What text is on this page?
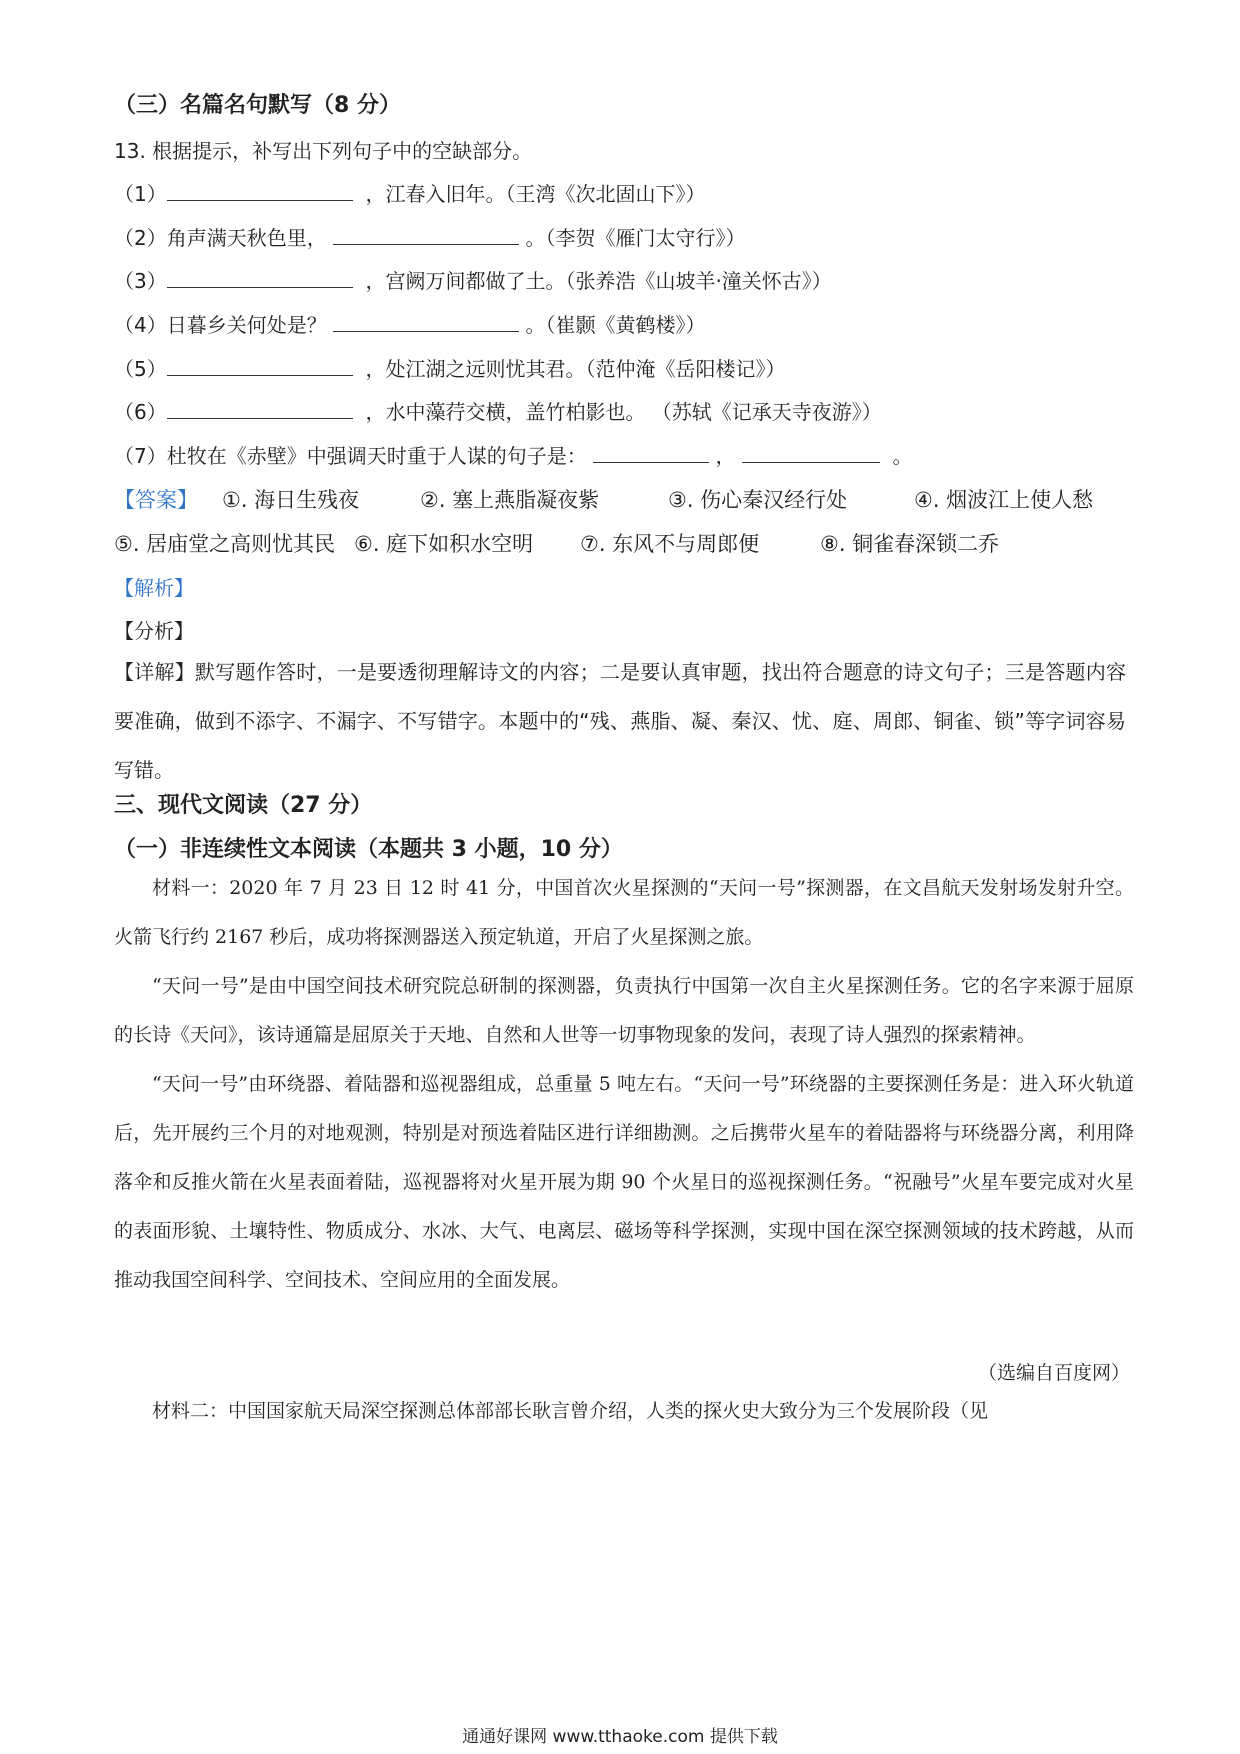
（三）名篇名句默写（8 分）
13. 根据提示，补写出下列句子中的空缺部分。
（1）	，江春入旧年。（王湾《次北固山下》）
（2）角声满天秋色里，	。（李贺《雁门太守行》）
（3）	，宫阙万间都做了土。（张养浩《山坡羊·潼关怀古》）
（4）日暮乡关何处是？	。（崔颢《黄鹤楼》）
（5）	，处江湖之远则忧其君。（范仲淹《岳阳楼记》）
（6）	，水中藻荇交横，盖竹柏影也。 （苏轼《记承天寺夜游》）
（7）杜牧在《赤壁》中强调天时重于人谋的句子是：	，	。
【答案】 ①. 海日生残夜	②. 塞上燕脂凝夜紫	③. 伤心秦汉经行处	④. 烟波江上使人愁
⑤. 居庙堂之高则忧其民 ⑥. 庭下如积水空明 ⑦. 东风不与周郎便	⑧. 铜雀春深锁二乔
【解析】
【分析】
【详解】默写题作答时，一是要透彻理解诗文的内容；二是要认真审题，找出符合题意的诗文句子；三是答题内容要准确，做到不添字、不漏字、不写错字。本题中的“残、燕脂、凝、秦汉、忧、庭、周郎、铜雀、锁”等字词容易写错。
三、现代文阅读（27 分）
（一）非连续性文本阅读（本题共 3 小题，10 分）

材料一：2020 年 7 月 23 日 12 时 41 分，中国首次火星探测的“天问一号”探测器，在文昌航天发射场发射升空。火箭飞行约 2167 秒后，成功将探测器送入预定轨道，开启了火星探测之旅。

“天问一号”是由中国空间技术研究院总研制的探测器，负责执行中国第一次自主火星探测任务。它的名字来源于屈原的长诗《天问》，该诗通篇是屈原关于天地、自然和人世等一切事物现象的发问，表现了诗人强烈的探索精神。

“天问一号”由环绕器、着陆器和巡视器组成，总重量 5 吨左右。“天问一号”环绕器的主要探测任务是：进入环火轨道后，先开展约三个月的对地观测，特别是对预选着陆区进行详细勘测。之后携带火星车的着陆器将与环绕器分离，利用降落伞和反推火箭在火星表面着陆，巡视器将对火星开展为期 90 个火星日的巡视探测任务。“祝融号”火星车要完成对火星的表面形貌、土壤特性、物质成分、水冰、大气、电离层、磁场等科学探测，实现中国在深空探测领域的技术跨越，从而推动我国空间科学、空间技术、空间应用的全面发展。

（选编自百度网）

材料二：中国国家航天局深空探测总体部部长耿言曾介绍，人类的探火史大致分为三个发展阶段（见

通通好课网 www.tthaoke.com 提供下载
